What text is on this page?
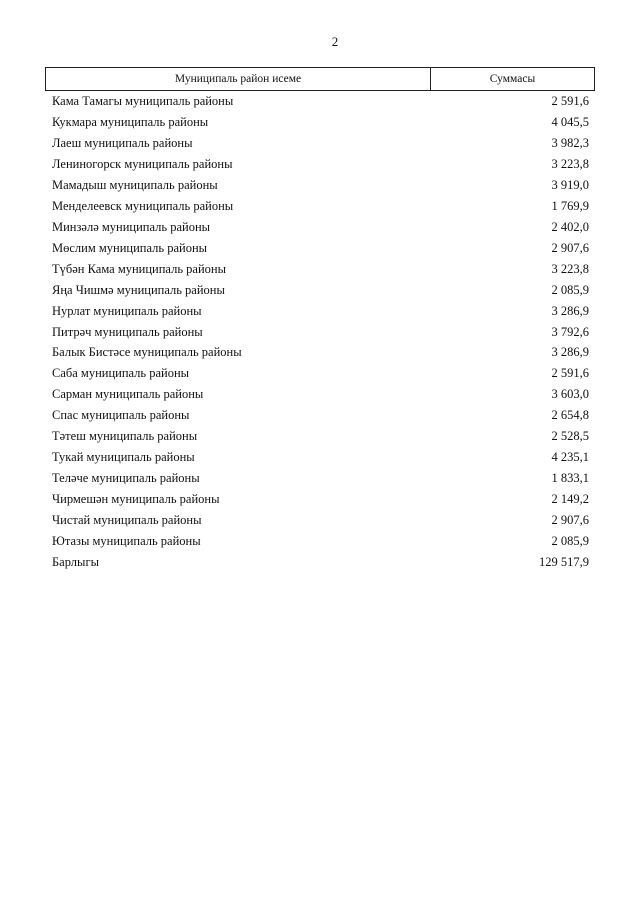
2
Муниципаль район исеме	Суммасы
Кама Тамагы муниципаль районы	2 591,6
Кукмара муниципаль районы	4 045,5
Лаеш муниципаль районы	3 982,3
Лениногорск муниципаль районы	3 223,8
Мамадыш муниципаль районы	3 919,0
Менделеевск муниципаль районы	1 769,9
Минзәлә муниципаль районы	2 402,0
Мөслим муниципаль районы	2 907,6
Түбән Кама муниципаль районы	3 223,8
Яңа Чишмә муниципаль районы	2 085,9
Нурлат муниципаль районы	3 286,9
Питрәч муниципаль районы	3 792,6
Балык Бистәсе муниципаль районы	3 286,9
Саба муниципаль районы	2 591,6
Сарман муниципаль районы	3 603,0
Спас муниципаль районы	2 654,8
Тәтеш муниципаль районы	2 528,5
Тукай муниципаль районы	4 235,1
Теләче муниципаль районы	1 833,1
Чирмешән муниципаль районы	2 149,2
Чистай муниципаль районы	2 907,6
Ютазы муниципаль районы	2 085,9
Барлыгы	129 517,9
